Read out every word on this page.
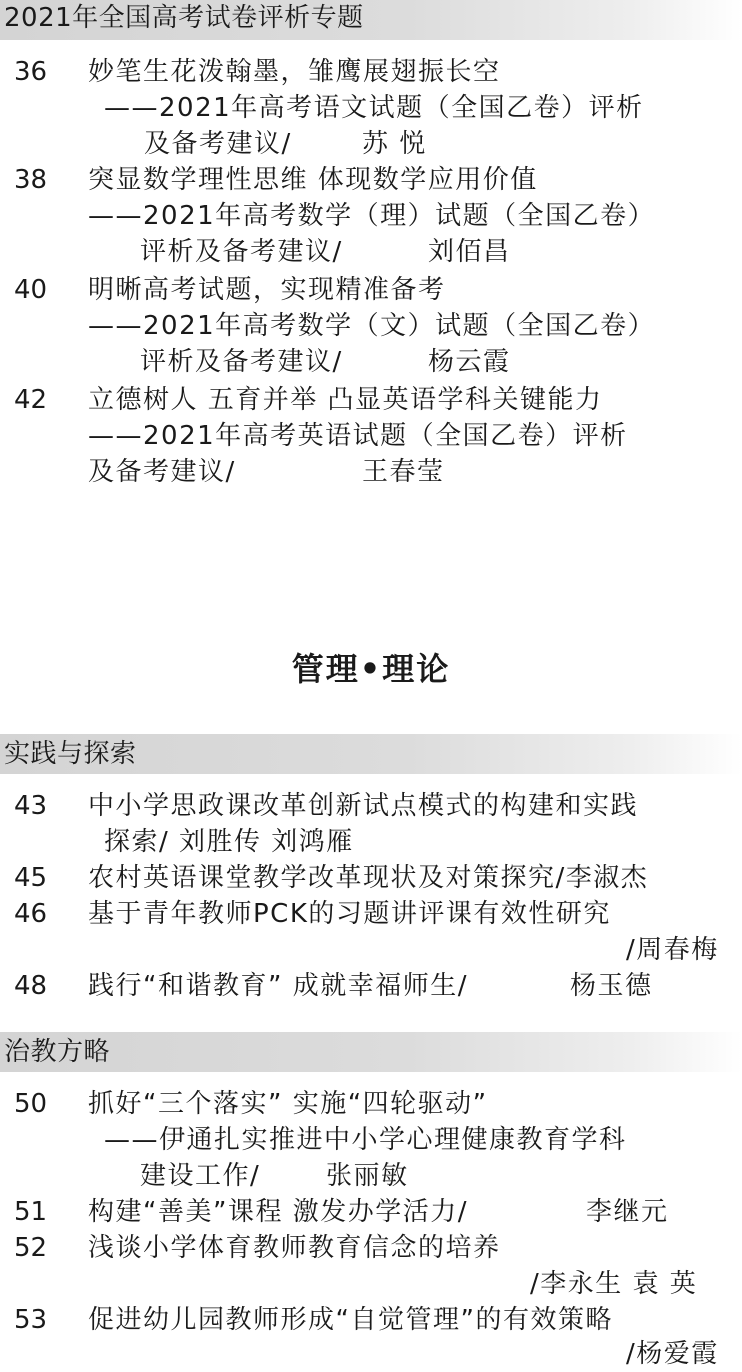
2021年全国高考试卷评析专题
36 妙笔生花泼翰墨，雏鹰展翅振长空
——2021年高考语文试题（全国乙卷）评析
及备考建议/	苏 悦
38 突显数学理性思维 体现数学应用价值
——2021年高考数学（理）试题（全国乙卷）
评析及备考建议/	刘佰昌
40 明晰高考试题，实现精准备考
——2021年高考数学（文）试题（全国乙卷）
评析及备考建议/	杨云霞
42 立德树人 五育并举 凸显英语学科关键能力
——2021年高考英语试题（全国乙卷）评析
及备考建议/	王春莹
管理•理论
实践与探索
43 中小学思政课改革创新试点模式的构建和实践
探索/ 刘胜传 刘鸿雁
45 农村英语课堂教学改革现状及对策探究/李淑杰
46 基于青年教师PCK的习题讲评课有效性研究
/周春梅
48 践行“和谐教育” 成就幸福师生/	杨玉德
治教方略
50 抓好“三个落实” 实施“四轮驱动”
——伊通扎实推进中小学心理健康教育学科
建设工作/	张丽敏
51 构建“善美”课程 激发办学活力/	李继元
52 浅谈小学体育教师教育信念的培养
/李永生 袁 英
53 促进幼儿园教师形成“自觉管理”的有效策略
/杨爱霞
